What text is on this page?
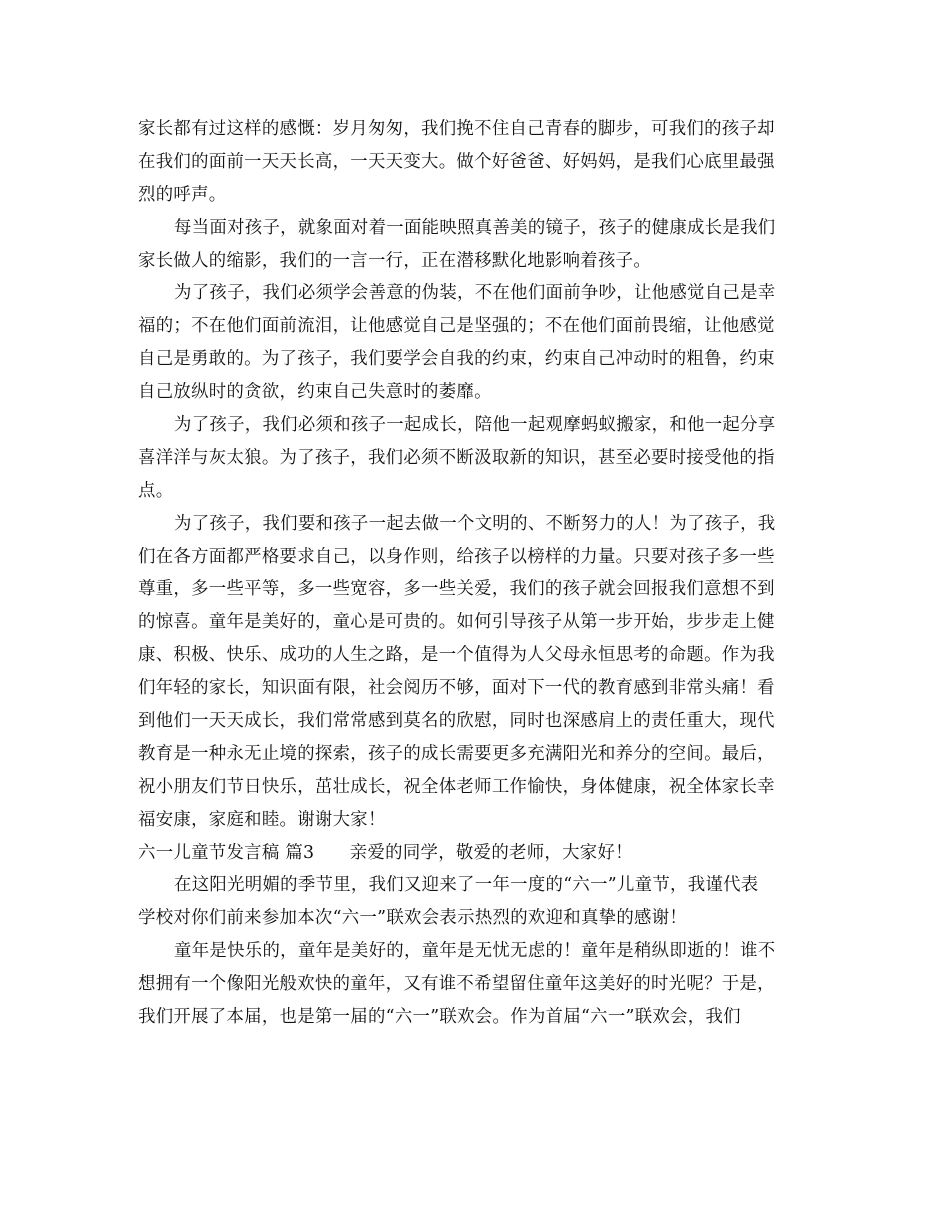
家长都有过这样的感慨：岁月匆匆，我们挽不住自己青春的脚步，可我们的孩子却
在我们的面前一天天长高，一天天变大。做个好爸爸、好妈妈，是我们心底里最强
烈的呼声。
每当面对孩子，就象面对着一面能映照真善美的镜子，孩子的健康成长是我们
家长做人的缩影，我们的一言一行，正在潜移默化地影响着孩子。
为了孩子，我们必须学会善意的伪装，不在他们面前争吵，让他感觉自己是幸
福的；不在他们面前流泪，让他感觉自己是坚强的；不在他们面前畏缩，让他感觉
自己是勇敢的。为了孩子，我们要学会自我的约束，约束自己冲动时的粗鲁，约束
自己放纵时的贪欲，约束自己失意时的萎靡。
为了孩子，我们必须和孩子一起成长，陪他一起观摩蚂蚁搬家，和他一起分享
喜洋洋与灰太狼。为了孩子，我们必须不断汲取新的知识，甚至必要时接受他的指
点。
为了孩子，我们要和孩子一起去做一个文明的、不断努力的人！为了孩子，我
们在各方面都严格要求自己，以身作则，给孩子以榜样的力量。只要对孩子多一些
尊重，多一些平等，多一些宽容，多一些关爱，我们的孩子就会回报我们意想不到
的惊喜。童年是美好的，童心是可贵的。如何引导孩子从第一步开始，步步走上健
康、积极、快乐、成功的人生之路，是一个值得为人父母永恒思考的命题。作为我
们年轻的家长，知识面有限，社会阅历不够，面对下一代的教育感到非常头痛！看
到他们一天天成长，我们常常感到莫名的欣慰，同时也深感肩上的责任重大，现代
教育是一种永无止境的探索，孩子的成长需要更多充满阳光和养分的空间。最后，
祝小朋友们节日快乐，茁壮成长，祝全体老师工作愉快，身体健康，祝全体家长幸
福安康，家庭和睦。谢谢大家！
六一儿童节发言稿 篇3　　亲爱的同学，敬爱的老师，大家好！
在这阳光明媚的季节里，我们又迎来了一年一度的“六一”儿童节，我谨代表
学校对你们前来参加本次“六一”联欢会表示热烈的欢迎和真挚的感谢！
童年是快乐的，童年是美好的，童年是无忧无虑的！童年是稍纵即逝的！谁不
想拥有一个像阳光般欢快的童年，又有谁不希望留住童年这美好的时光呢？于是，
我们开展了本届，也是第一届的“六一”联欢会。作为首届“六一”联欢会，我们
